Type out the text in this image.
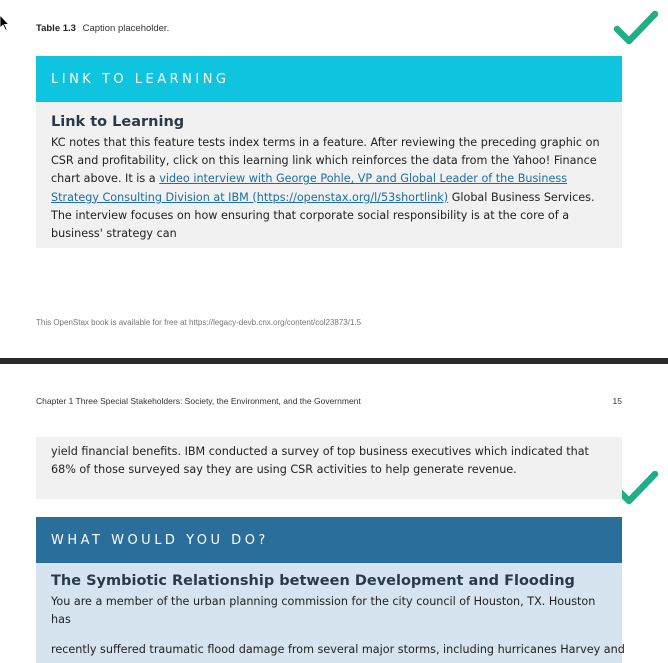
Table 1.3 Caption placeholder.
LINK TO LEARNING
Link to Learning

KC notes that this feature tests index terms in a feature. After reviewing the preceding graphic on CSR and profitability, click on this learning link which reinforces the data from the Yahoo! Finance chart above. It is a video interview with George Pohle, VP and Global Leader of the Business Strategy Consulting Division at IBM (https://openstax.org/l/53shortlink) Global Business Services. The interview focuses on how ensuring that corporate social responsibility is at the core of a business' strategy can

This OpenStax book is available for free at https://legacy-devb.cnx.org/content/col23873/1.5
Chapter 1 Three Special Stakeholders: Society, the Environment, and the Government	15

yield financial benefits. IBM conducted a survey of top business executives which indicated that 68% of those surveyed say they are using CSR activities to help generate revenue.

WHAT WOULD YOU DO?
The Symbiotic Relationship between Development and Flooding

You are a member of the urban planning commission for the city council of Houston, TX. Houston has

recently suffered traumatic flood damage from several major storms, including hurricanes Harvey and
